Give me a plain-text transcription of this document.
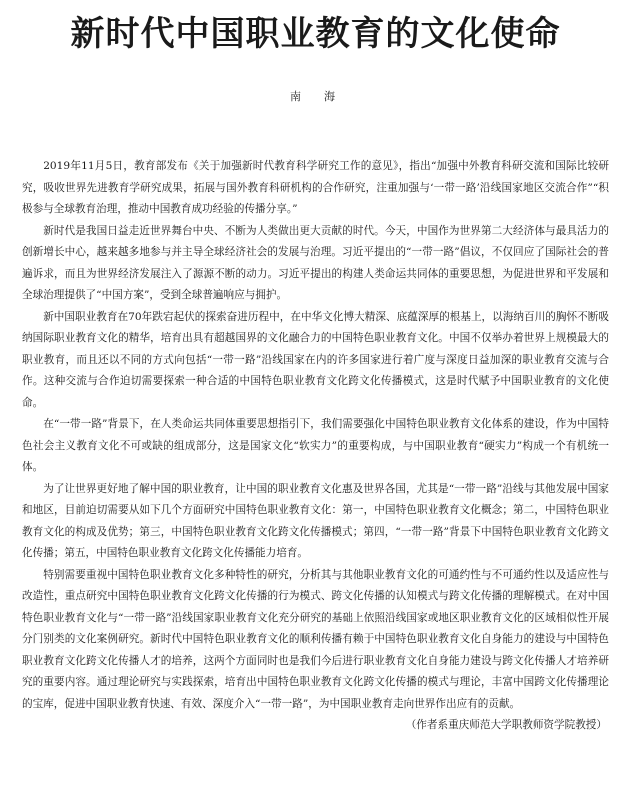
新时代中国职业教育的文化使命
南　海

2019年11月5日，教育部发布《关于加强新时代教育科学研究工作的意见》，指出“加强中外教育科研交流和国际比较研究，吸收世界先进教育学研究成果，拓展与国外教育科研机构的合作研究，注重加强与‘一带一路’沿线国家地区交流合作”“积极参与全球教育治理，推动中国教育成功经验的传播分享。”

新时代是我国日益走近世界舞台中央、不断为人类做出更大贡献的时代。今天，中国作为世界第二大经济体与最具活力的创新增长中心，越来越多地参与并主导全球经济社会的发展与治理。习近平提出的“一带一路”倡议，不仅回应了国际社会的普遍诉求，而且为世界经济发展注入了源源不断的动力。习近平提出的构建人类命运共同体的重要思想，为促进世界和平发展和全球治理提供了“中国方案”，受到全球普遍响应与拥护。

新中国职业教育在70年跌宕起伏的探索奋进历程中，在中华文化博大精深、底蕴深厚的根基上，以海纳百川的胸怀不断吸纳国际职业教育文化的精华，培育出具有超越国界的文化融合力的中国特色职业教育文化。中国不仅举办着世界上规模最大的职业教育，而且还以不同的方式向包括“一带一路”沿线国家在内的许多国家进行着广度与深度日益加深的职业教育交流与合作。这种交流与合作迫切需要探索一种合适的中国特色职业教育文化跨文化传播模式，这是时代赋予中国职业教育的文化使命。

在“一带一路”背景下，在人类命运共同体重要思想指引下，我们需要强化中国特色职业教育文化体系的建设，作为中国特色社会主义教育文化不可或缺的组成部分，这是国家文化“软实力”的重要构成，与中国职业教育“硬实力”构成一个有机统一体。

为了让世界更好地了解中国的职业教育，让中国的职业教育文化惠及世界各国，尤其是“一带一路”沿线与其他发展中国家和地区，目前迫切需要从如下几个方面研究中国特色职业教育文化：第一，中国特色职业教育文化概念；第二，中国特色职业教育文化的构成及优势；第三，中国特色职业教育文化跨文化传播模式；第四，“一带一路”背景下中国特色职业教育文化跨文化传播；第五，中国特色职业教育文化跨文化传播能力培育。

特别需要重视中国特色职业教育文化多种特性的研究，分析其与其他职业教育文化的可通约性与不可通约性以及适应性与改造性，重点研究中国特色职业教育文化跨文化传播的行为模式、跨文化传播的认知模式与跨文化传播的理解模式。在对中国特色职业教育文化与“一带一路”沿线国家职业教育文化充分研究的基础上依照沿线国家或地区职业教育文化的区域相似性开展分门别类的文化案例研究。新时代中国特色职业教育文化的顺利传播有赖于中国特色职业教育文化自身能力的建设与中国特色职业教育文化跨文化传播人才的培养，这两个方面同时也是我们今后进行职业教育文化自身能力建设与跨文化传播人才培养研究的重要内容。通过理论研究与实践探索，培育出中国特色职业教育文化跨文化传播的模式与理论，丰富中国跨文化传播理论的宝库，促进中国职业教育快速、有效、深度介入“一带一路”，为中国职业教育走向世界作出应有的贡献。

（作者系重庆师范大学职教师资学院教授）
